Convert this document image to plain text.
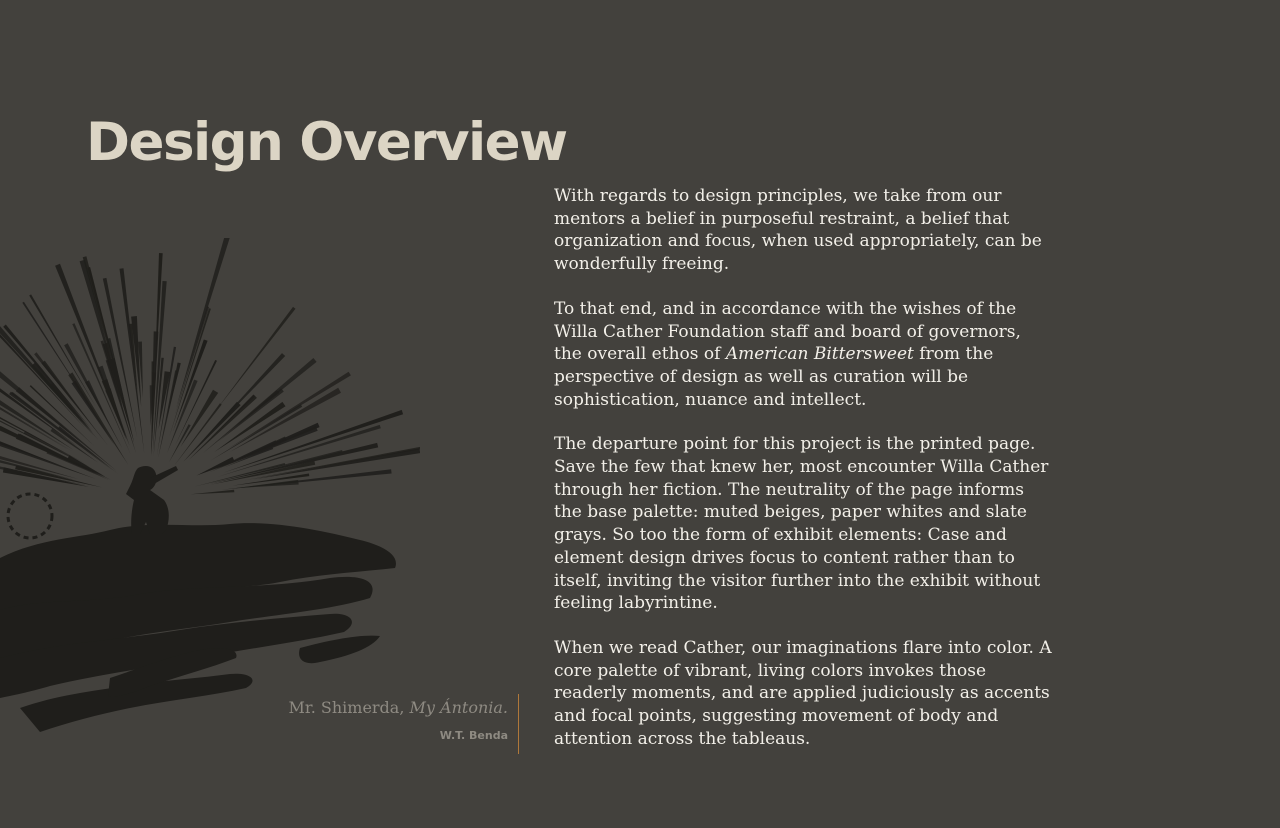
Design Overview

With regards to design principles, we take from our mentors a belief in purposeful restraint, a belief that organization and focus, when used appropriately, can be wonderfully freeing.

To that end, and in accordance with the wishes of the Willa Cather Foundation staff and board of governors, the overall ethos of American Bittersweet from the perspective of design as well as curation will be sophistication, nuance and intellect.

The departure point for this project is the printed page. Save the few that knew her, most encounter Willa Cather through her fiction. The neutrality of the page informs the base palette: muted beiges, paper whites and slate grays. So too the form of exhibit elements: Case and element design drives focus to content rather than to itself, inviting the visitor further into the exhibit without feeling labyrintine.

When we read Cather, our imaginations flare into color. A core palette of vibrant, living colors invokes those readerly moments, and are applied judiciously as accents and focal points, suggesting movement of body and attention across the tableaus.

Mr. Shimerda, My Ántonia.
W.T. Benda
